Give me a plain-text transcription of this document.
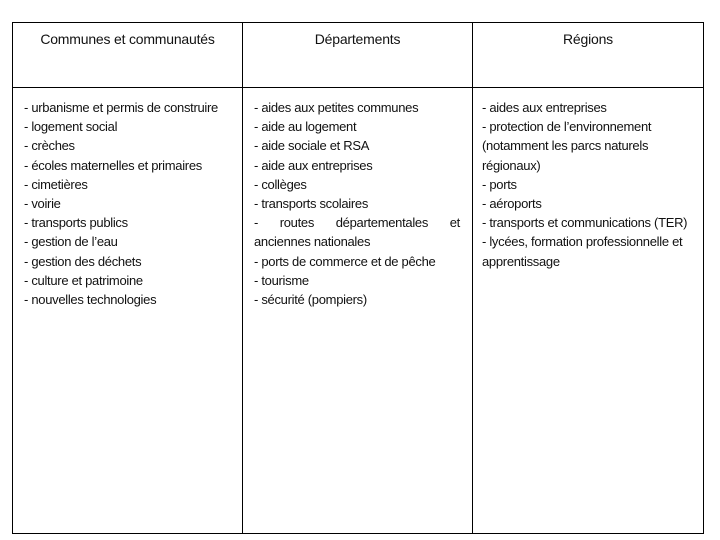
Communes et communautés	Départements	Régions
- urbanisme et permis de construire
- logement social
- crèches
- écoles maternelles et primaires
- cimetières
- voirie
- transports publics
- gestion de l’eau
- gestion des déchets
- culture et patrimoine
- nouvelles technologies
- aides aux petites communes
- aide au logement
- aide sociale et RSA
- aide aux entreprises
- collèges
- transports scolaires
- routes départementales et anciennes nationales
- ports de commerce et de pêche
- tourisme
- sécurité (pompiers)
- aides aux entreprises
- protection de l’environnement (notamment les parcs naturels régionaux)
- ports
- aéroports
- transports et communications (TER)
- lycées, formation professionnelle et apprentissage
